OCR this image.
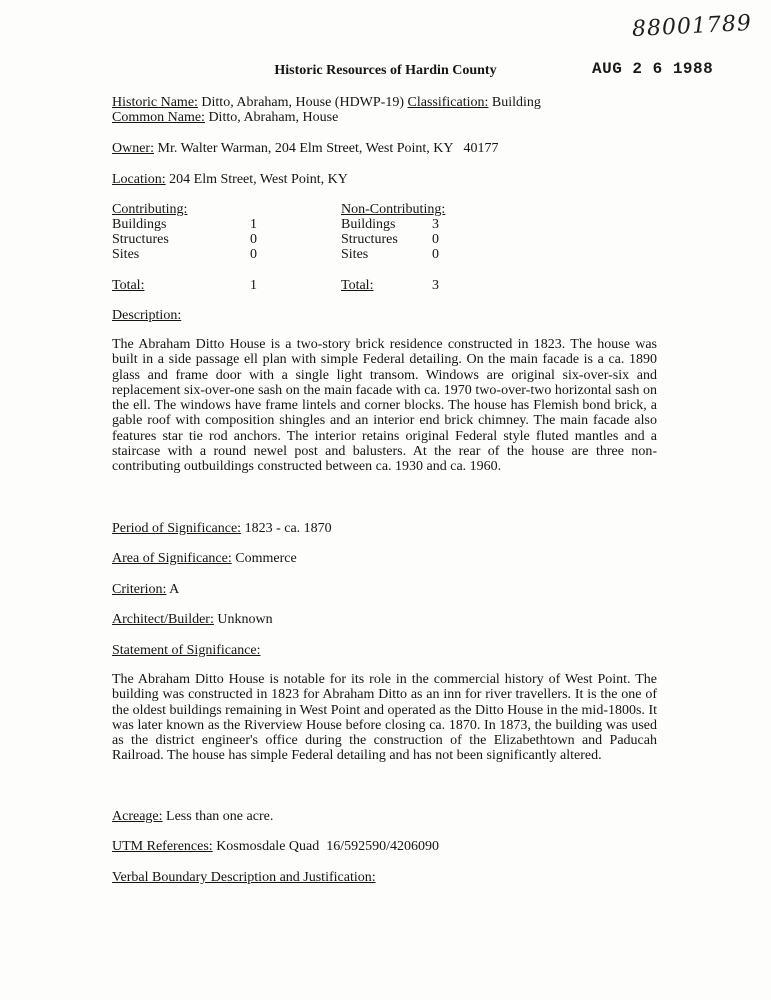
88001789
AUG 2 6 1988
Historic Resources of Hardin County
Historic Name: Ditto, Abraham, House (HDWP-19) Classification: Building
Common Name: Ditto, Abraham, House
Owner: Mr. Walter Warman, 204 Elm Street, West Point, KY   40177
Location: 204 Elm Street, West Point, KY
Contributing:
Buildings	1
Structures	0
Sites	0
Total:	1
Non-Contributing:
Buildings	3
Structures 0
Sites	0
Total:	3
Description:

The Abraham Ditto House is a two-story brick residence constructed in 1823. The house was built in a side passage ell plan with simple Federal detailing. On the main facade is a ca. 1890 glass and frame door with a single light transom. Windows are original six-over-six and replacement six-over-one sash on the main facade with ca. 1970 two-over-two horizontal sash on the ell. The windows have frame lintels and corner blocks. The house has Flemish bond brick, a gable roof with composition shingles and an interior end brick chimney. The main facade also features star tie rod anchors. The interior retains original Federal style fluted mantles and a staircase with a round newel post and balusters. At the rear of the house are three non-contributing outbuildings constructed between ca. 1930 and ca. 1960.

Period of Significance: 1823 - ca. 1870
Area of Significance: Commerce
Criterion: A
Architect/Builder: Unknown
Statement of Significance:

The Abraham Ditto House is notable for its role in the commercial history of West Point. The building was constructed in 1823 for Abraham Ditto as an inn for river travellers. It is the one of the oldest buildings remaining in West Point and operated as the Ditto House in the mid-1800s. It was later known as the Riverview House before closing ca. 1870. In 1873, the building was used as the district engineer's office during the construction of the Elizabethtown and Paducah Railroad. The house has simple Federal detailing and has not been significantly altered.

Acreage: Less than one acre.
UTM References: Kosmosdale Quad  16/592590/4206090
Verbal Boundary Description and Justification:
